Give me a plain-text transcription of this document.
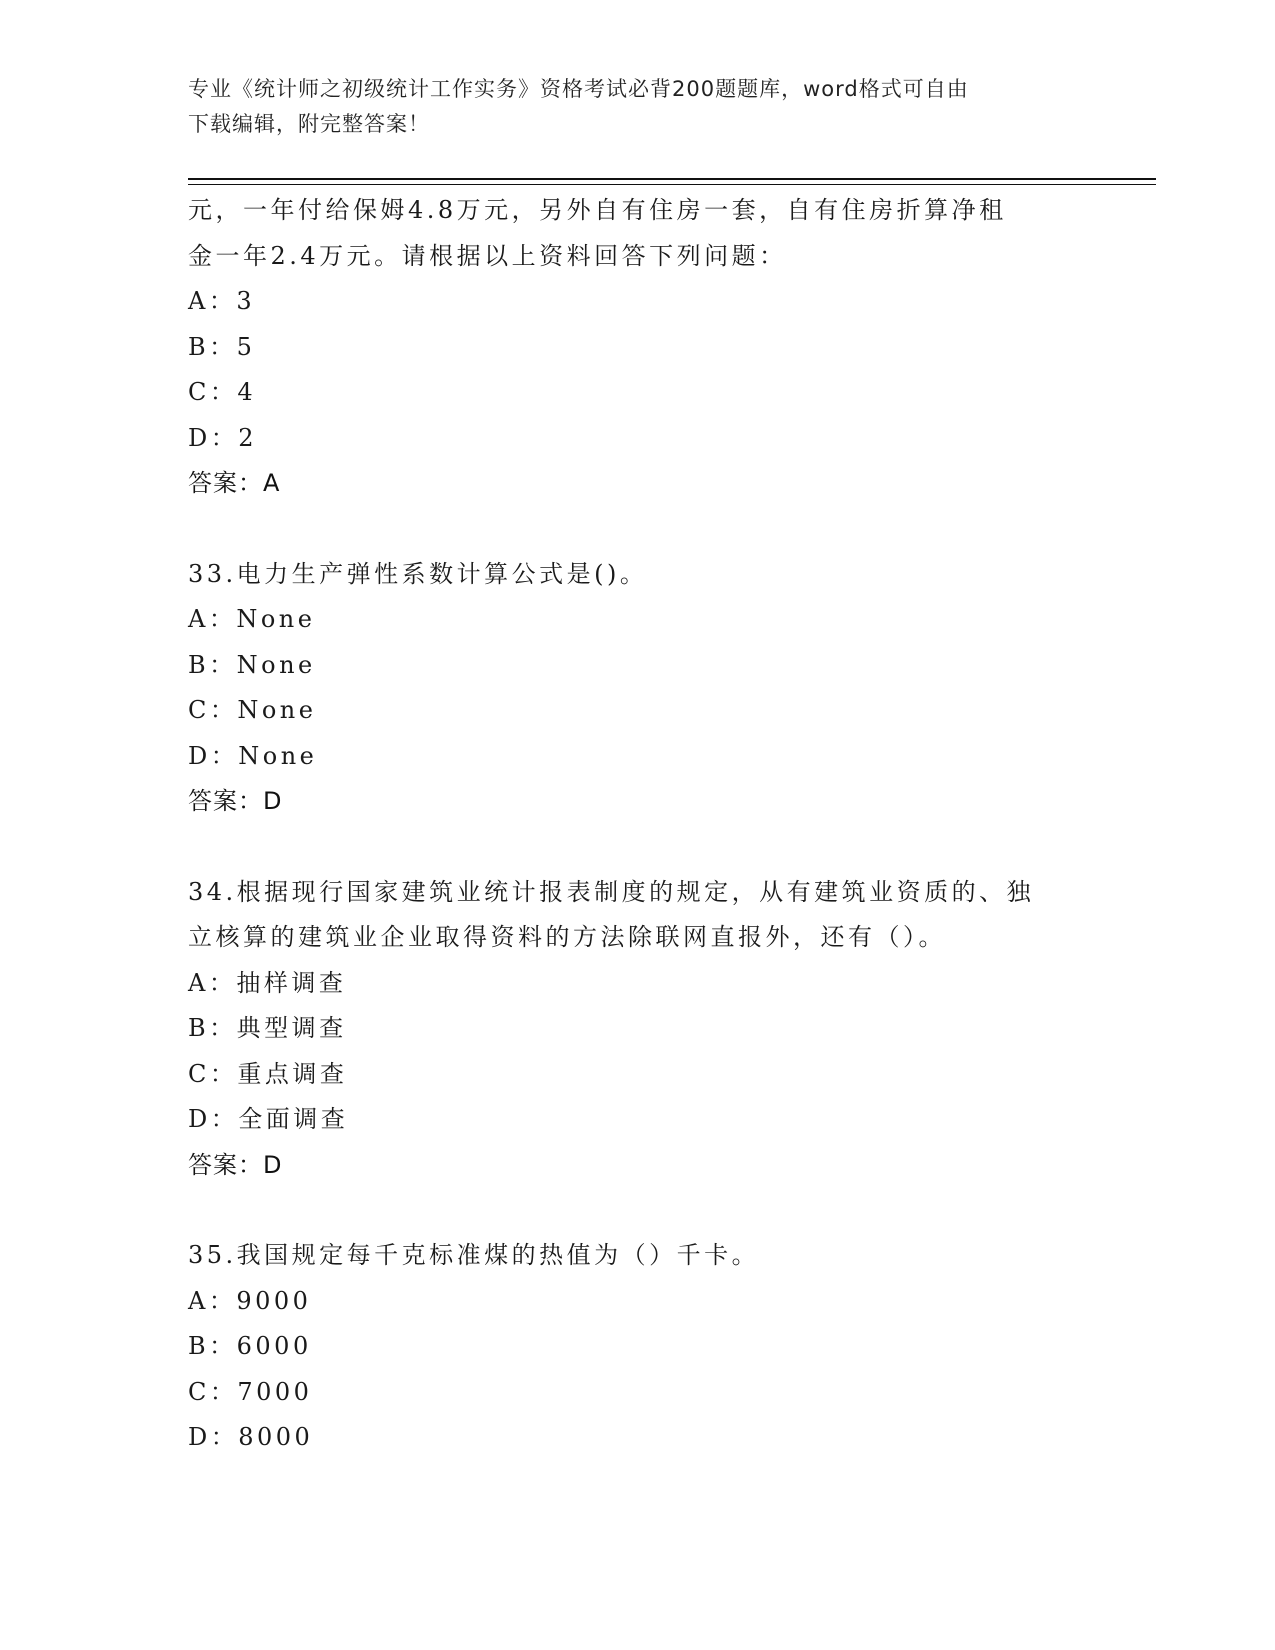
专业《统计师之初级统计工作实务》资格考试必背200题题库，word格式可自由
下载编辑，附完整答案！
元，一年付给保姆4.8万元，另外自有住房一套，自有住房折算净租
金一年2.4万元。请根据以上资料回答下列问题：
A：3
B：5
C：4
D：2
答案：A
33.电力生产弹性系数计算公式是()。
A：None
B：None
C：None
D：None
答案：D
34.根据现行国家建筑业统计报表制度的规定，从有建筑业资质的、独
立核算的建筑业企业取得资料的方法除联网直报外，还有（）。
A：抽样调查
B：典型调查
C：重点调查
D：全面调查
答案：D
35.我国规定每千克标准煤的热值为（）千卡。
A：9000
B：6000
C：7000
D：8000
